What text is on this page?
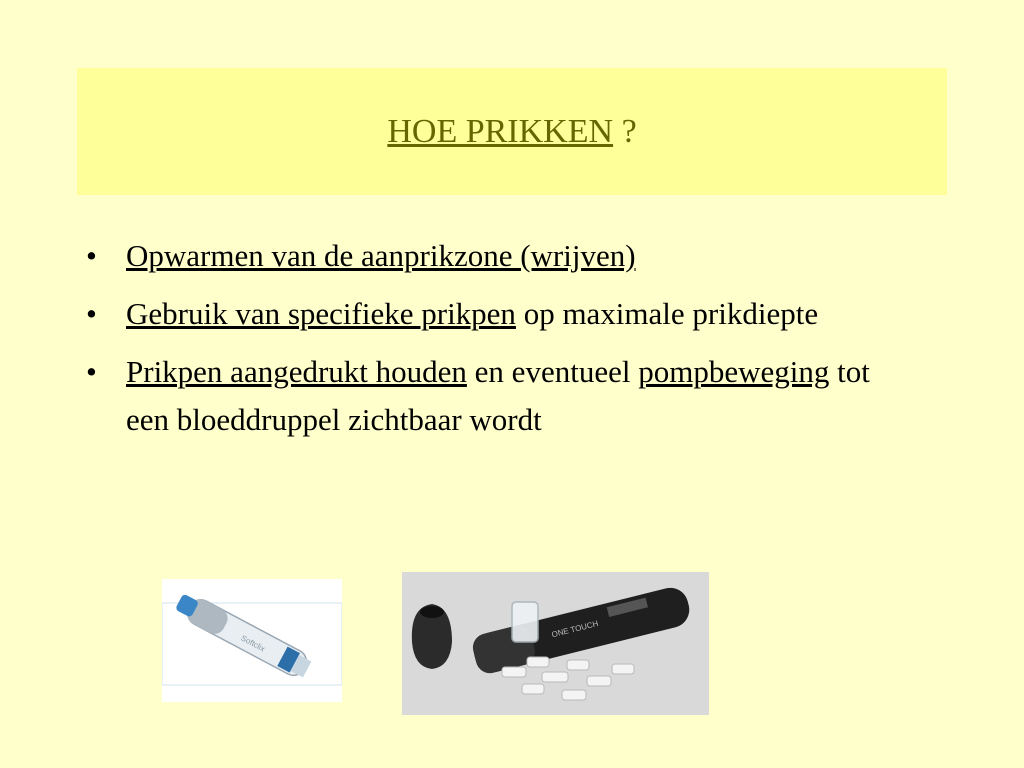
HOE PRIKKEN ?
• Opwarmen van de aanprikzone (wrijven)
• Gebruik van specifieke prikpen op maximale prikdiepte
• Prikpen aangedrukt houden en eventueel pompbeweging tot een bloeddruppel zichtbaar wordt
Softclix
ONE TOUCH
